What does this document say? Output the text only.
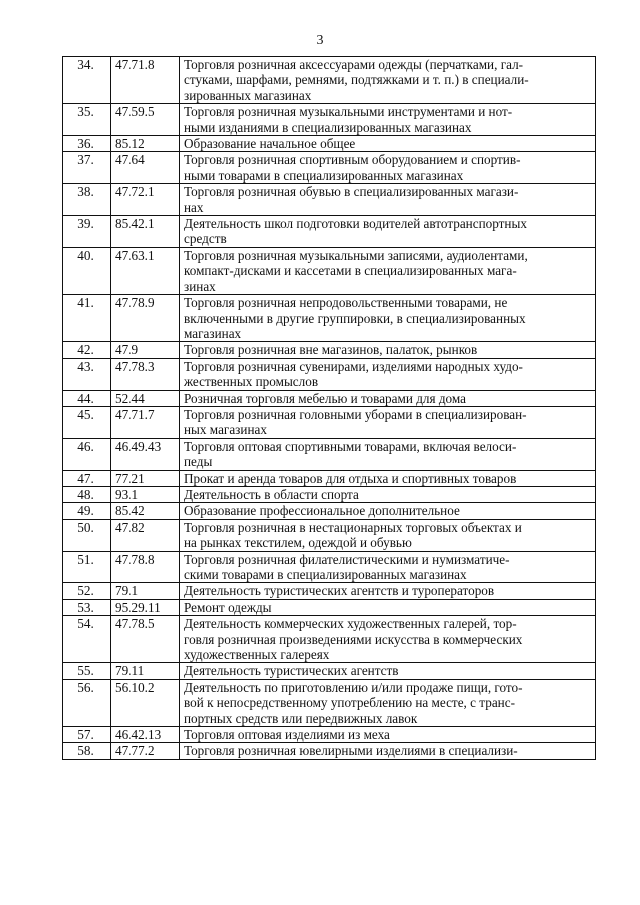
3
34.	47.71.8	Торговля розничная аксессуарами одежды (перчатками, гал-
стуками, шарфами, ремнями, подтяжками и т. п.) в специали-
зированных магазинах

35.	47.59.5	Торговля розничная музыкальными инструментами и нот-
ными изданиями в специализированных магазинах

36.	85.12	Образование начальное общее

37.	47.64	Торговля розничная спортивным оборудованием и спортив-
ными товарами в специализированных магазинах

38.	47.72.1	Торговля розничная обувью в специализированных магази-
нах

39.	85.42.1	Деятельность школ подготовки водителей автотранспортных
средств

40.	47.63.1	Торговля розничная музыкальными записями, аудиолентами,
компакт-дисками и кассетами в специализированных мага-
зинах

41.	47.78.9	Торговля розничная непродовольственными товарами, не
включенными в другие группировки, в специализированных
магазинах

42.	47.9	Торговля розничная вне магазинов, палаток, рынков

43.	47.78.3	Торговля розничная сувенирами, изделиями народных худо-
жественных промыслов

44.	52.44	Розничная торговля мебелью и товарами для дома

45.	47.71.7	Торговля розничная головными уборами в специализирован-
ных магазинах

46.	46.49.43	Торговля оптовая спортивными товарами, включая велоси-
педы

47.	77.21	Прокат и аренда товаров для отдыха и спортивных товаров

48.	93.1	Деятельность в области спорта

49.	85.42	Образование профессиональное дополнительное

50.	47.82	Торговля розничная в нестационарных торговых объектах и
на рынках текстилем, одеждой и обувью

51.	47.78.8	Торговля розничная филателистическими и нумизматиче-
скими товарами в специализированных магазинах

52.	79.1	Деятельность туристических агентств и туроператоров

53.	95.29.11	Ремонт одежды

54.	47.78.5	Деятельность коммерческих художественных галерей, тор-
говля розничная произведениями искусства в коммерческих
художественных галереях

55.	79.11	Деятельность туристических агентств

56.	56.10.2	Деятельность по приготовлению и/или продаже пищи, гото-
вой к непосредственному употреблению на месте, с транс-
портных средств или передвижных лавок

57.	46.42.13	Торговля оптовая изделиями из меха

58.	47.77.2	Торговля розничная ювелирными изделиями в специализи-
